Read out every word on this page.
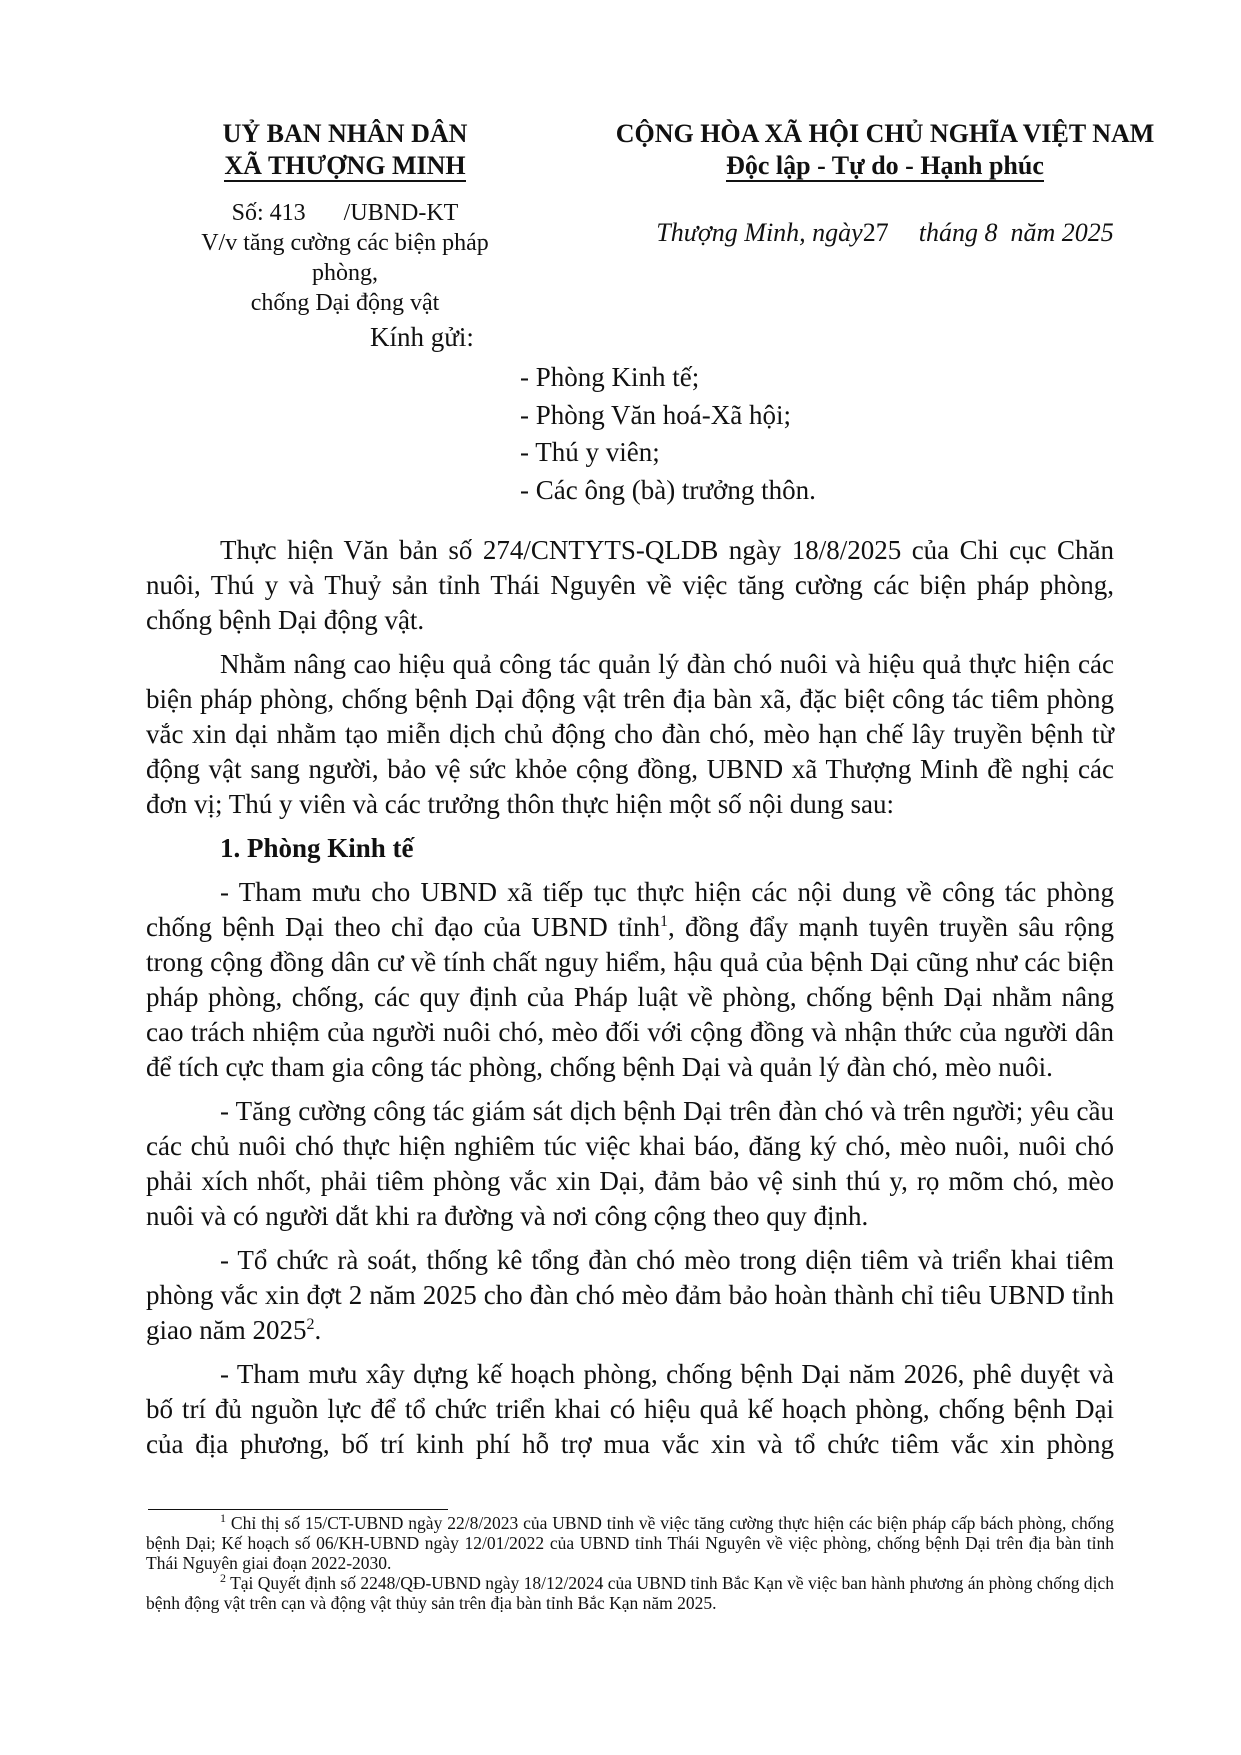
UỶ BAN NHÂN DÂN
XÃ THƯỢNG MINH
CỘNG HÒA XÃ HỘI CHỦ NGHĨA VIỆT NAM
Độc lập - Tự do - Hạnh phúc
Số: 413 /UBND-KT
V/v tăng cường các biện pháp phòng,
chống Dại động vật
Thượng Minh, ngày27 tháng 8 năm 2025
Kính gửi:
- Phòng Kinh tế;
- Phòng Văn hoá-Xã hội;
- Thú y viên;
- Các ông (bà) trưởng thôn.

Thực hiện Văn bản số 274/CNTYTS-QLDB ngày 18/8/2025 của Chi cục Chăn nuôi, Thú y và Thuỷ sản tỉnh Thái Nguyên về việc tăng cường các biện pháp phòng, chống bệnh Dại động vật.

Nhằm nâng cao hiệu quả công tác quản lý đàn chó nuôi và hiệu quả thực hiện các biện pháp phòng, chống bệnh Dại động vật trên địa bàn xã, đặc biệt công tác tiêm phòng vắc xin dại nhằm tạo miễn dịch chủ động cho đàn chó, mèo hạn chế lây truyền bệnh từ động vật sang người, bảo vệ sức khỏe cộng đồng, UBND xã Thượng Minh đề nghị các đơn vị; Thú y viên và các trưởng thôn thực hiện một số nội dung sau:

1. Phòng Kinh tế

- Tham mưu cho UBND xã tiếp tục thực hiện các nội dung về công tác phòng chống bệnh Dại theo chỉ đạo của UBND tỉnh$^1$, đồng đẩy mạnh tuyên truyền sâu rộng trong cộng đồng dân cư về tính chất nguy hiểm, hậu quả của bệnh Dại cũng như các biện pháp phòng, chống, các quy định của Pháp luật về phòng, chống bệnh Dại nhằm nâng cao trách nhiệm của người nuôi chó, mèo đối với cộng đồng và nhận thức của người dân để tích cực tham gia công tác phòng, chống bệnh Dại và quản lý đàn chó, mèo nuôi.

- Tăng cường công tác giám sát dịch bệnh Dại trên đàn chó và trên người; yêu cầu các chủ nuôi chó thực hiện nghiêm túc việc khai báo, đăng ký chó, mèo nuôi, nuôi chó phải xích nhốt, phải tiêm phòng vắc xin Dại, đảm bảo vệ sinh thú y, rọ mõm chó, mèo nuôi và có người dắt khi ra đường và nơi công cộng theo quy định.

- Tổ chức rà soát, thống kê tổng đàn chó mèo trong diện tiêm và triển khai tiêm phòng vắc xin đợt 2 năm 2025 cho đàn chó mèo đảm bảo hoàn thành chỉ tiêu UBND tỉnh giao năm 2025$^2$.

- Tham mưu xây dựng kế hoạch phòng, chống bệnh Dại năm 2026, phê duyệt và bố trí đủ nguồn lực để tổ chức triển khai có hiệu quả kế hoạch phòng, chống bệnh Dại của địa phương, bố trí kinh phí hỗ trợ mua vắc xin và tổ chức tiêm vắc xin phòng

$^1$ Chỉ thị số 15/CT-UBND ngày 22/8/2023 của UBND tỉnh về việc tăng cường thực hiện các biện pháp cấp bách phòng, chống bệnh Dại; Kế hoạch số 06/KH-UBND ngày 12/01/2022 của UBND tỉnh Thái Nguyên về việc phòng, chống bệnh Dại trên địa bàn tỉnh Thái Nguyên giai đoạn 2022-2030.

$^2$ Tại Quyết định số 2248/QĐ-UBND ngày 18/12/2024 của UBND tỉnh Bắc Kạn về việc ban hành phương án phòng chống dịch bệnh động vật trên cạn và động vật thủy sản trên địa bàn tỉnh Bắc Kạn năm 2025.
